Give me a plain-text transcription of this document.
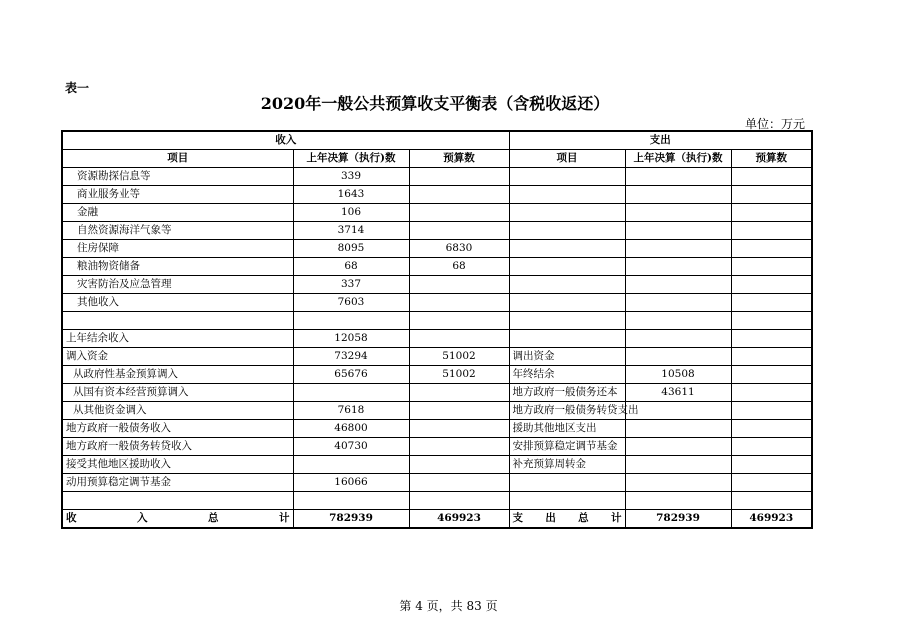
表一
2020年一般公共预算收支平衡表（含税收返还）
单位：万元
收入			支出		
项目	上年决算（执行)数	预算数	项目	上年决算（执行)数	预算数
资源勘探信息等	339				
商业服务业等	1643				
金融	106				
自然资源海洋气象等	3714				
住房保障	8095	6830			
粮油物资储备	68	68			
灾害防治及应急管理	337				
其他收入	7603				

上年结余收入	12058				
调入资金	73294	51002	调出资金		
从政府性基金预算调入	65676	51002	年终结余	10508	
从国有资本经营预算调入			地方政府一般债务还本	43611	
从其他资金调入	7618		地方政府一般债务转贷支出		
地方政府一般债务收入	46800		援助其他地区支出		
地方政府一般债务转贷收入	40730		安排预算稳定调节基金		
接受其他地区援助收入			补充预算周转金		
动用预算稳定调节基金	16066				

收入总计	782939	469923	支出总计	782939	469923
第 4 页，共 83 页
